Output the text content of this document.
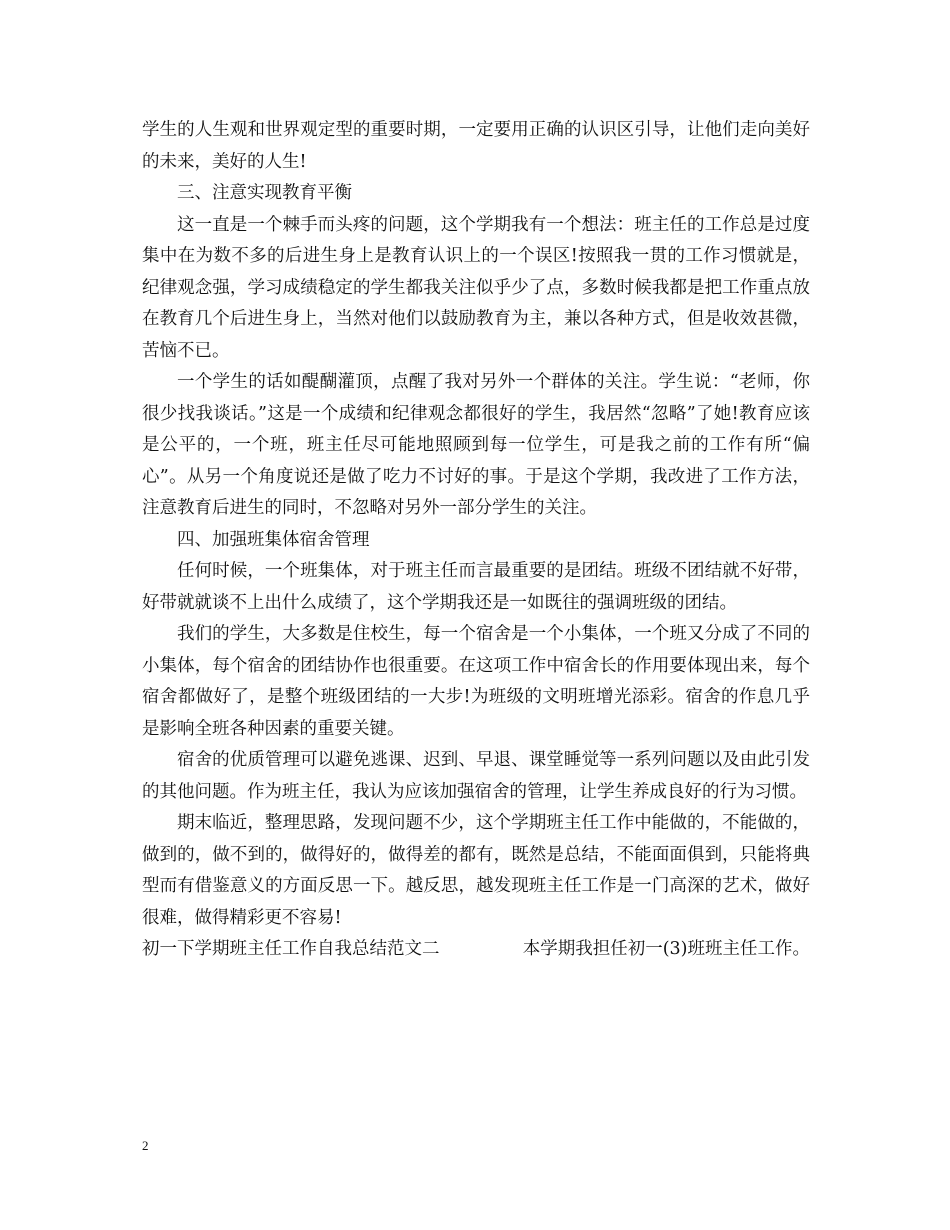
学生的人生观和世界观定型的重要时期，一定要用正确的认识区引导，让他们走向美好的未来，美好的人生!

三、注意实现教育平衡

这一直是一个棘手而头疼的问题，这个学期我有一个想法：班主任的工作总是过度集中在为数不多的后进生身上是教育认识上的一个误区!按照我一贯的工作习惯就是，纪律观念强，学习成绩稳定的学生都我关注似乎少了点，多数时候我都是把工作重点放在教育几个后进生身上，当然对他们以鼓励教育为主，兼以各种方式，但是收效甚微，苦恼不已。

一个学生的话如醍醐灌顶，点醒了我对另外一个群体的关注。学生说：“老师，你很少找我谈话。”这是一个成绩和纪律观念都很好的学生，我居然“忽略”了她!教育应该是公平的，一个班，班主任尽可能地照顾到每一位学生，可是我之前的工作有所“偏心”。从另一个角度说还是做了吃力不讨好的事。于是这个学期，我改进了工作方法，注意教育后进生的同时，不忽略对另外一部分学生的关注。

四、加强班集体宿舍管理

任何时候，一个班集体，对于班主任而言最重要的是团结。班级不团结就不好带，好带就就谈不上出什么成绩了，这个学期我还是一如既往的强调班级的团结。

我们的学生，大多数是住校生，每一个宿舍是一个小集体，一个班又分成了不同的小集体，每个宿舍的团结协作也很重要。在这项工作中宿舍长的作用要体现出来，每个宿舍都做好了，是整个班级团结的一大步!为班级的文明班增光添彩。宿舍的作息几乎是影响全班各种因素的重要关键。

宿舍的优质管理可以避免逃课、迟到、早退、课堂睡觉等一系列问题以及由此引发的其他问题。作为班主任，我认为应该加强宿舍的管理，让学生养成良好的行为习惯。

期末临近，整理思路，发现问题不少，这个学期班主任工作中能做的，不能做的，做到的，做不到的，做得好的，做得差的都有，既然是总结，不能面面俱到，只能将典型而有借鉴意义的方面反思一下。越反思，越发现班主任工作是一门高深的艺术，做好很难，做得精彩更不容易!

初一下学期班主任工作自我总结范文二	本学期我担任初一(3)班班主任工作。
2
